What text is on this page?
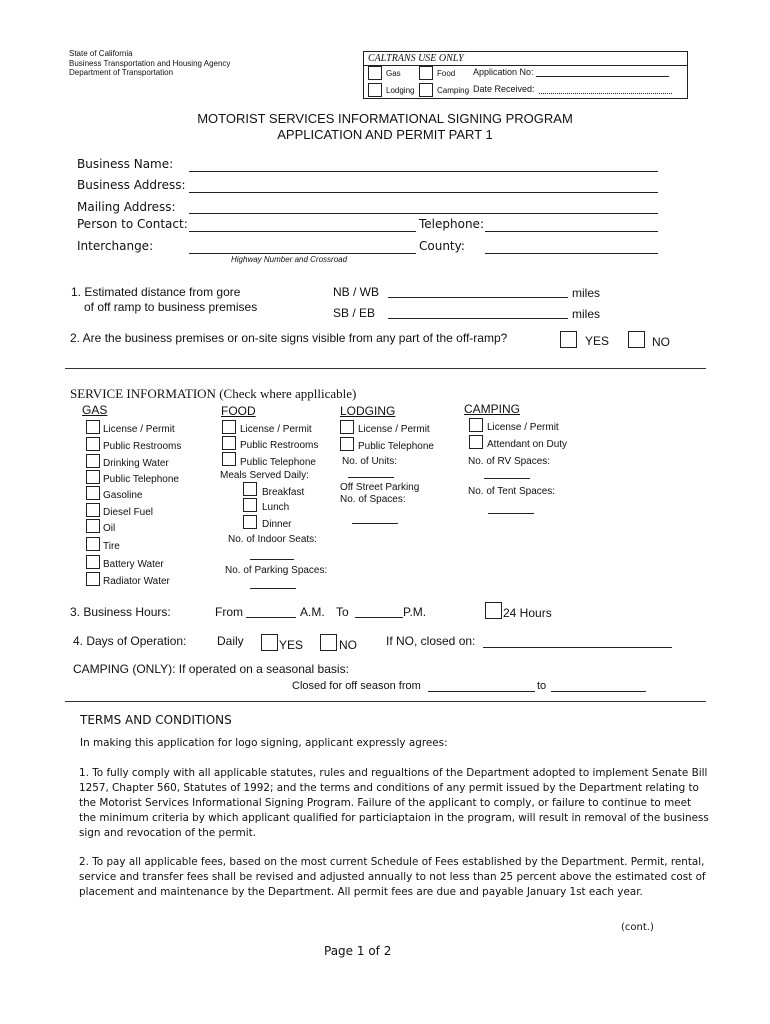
State of California
Business Transportation and Housing Agency
Department of Transportation
CALTRANS USE ONLY
Gas	Food Application No:
Lodging	Camping Date Received:
MOTORIST SERVICES INFORMATIONAL SIGNING PROGRAM
APPLICATION AND PERMIT PART 1
Business Name:
Business Address:
Mailing Address:
Person to Contact:	Telephone:
Interchange:	County:
Highway Number and Crossroad
1. Estimated distance from gore
of off ramp to business premises
NB / WB	miles
SB / EB	miles
2. Are the business premises or on-site signs visible from any part of the off-ramp?	YES	NO
SERVICE INFORMATION (Check where appllicable)
GAS
License / Permit
Public Restrooms
Drinking Water
Public Telephone
Gasoline
Diesel Fuel
Oil
Tire
Battery Water
Radiator Water
FOOD
License / Permit
Public Restrooms
Public Telephone
Meals Served Daily:
Breakfast
Lunch
Dinner
No. of Indoor Seats:
No. of Parking Spaces:
LODGING
License / Permit
Public Telephone
No. of Units:
Off Street Parking
No. of Spaces:
CAMPING
License / Permit
Attendant on Duty
No. of RV Spaces:
No. of Tent Spaces:
3. Business Hours:	From	A.M. To	P.M.	24 Hours
4. Days of Operation:	Daily	YES	NO If NO, closed on:
CAMPING (ONLY): If operated on a seasonal basis:
Closed for off season from	to
TERMS AND CONDITIONS
In making this application for logo signing, applicant expressly agrees:
1. To fully comply with all applicable statutes, rules and regualtions of the Department adopted to implement Senate Bill 1257, Chapter 560, Statutes of 1992; and the terms and conditions of any permit issued by the Department relating to the Motorist Services Informational Signing Program. Failure of the applicant to comply, or failure to continue to meet the minimum criteria by which applicant qualified for particiaptaion in the program, will result in removal of the business sign and revocation of the permit.
2. To pay all applicable fees, based on the most current Schedule of Fees established by the Department. Permit, rental, service and transfer fees shall be revised and adjusted annually to not less than 25 percent above the estimated cost of placement and maintenance by the Department. All permit fees are due and payable January 1st each year.
(cont.)
Page 1 of 2
